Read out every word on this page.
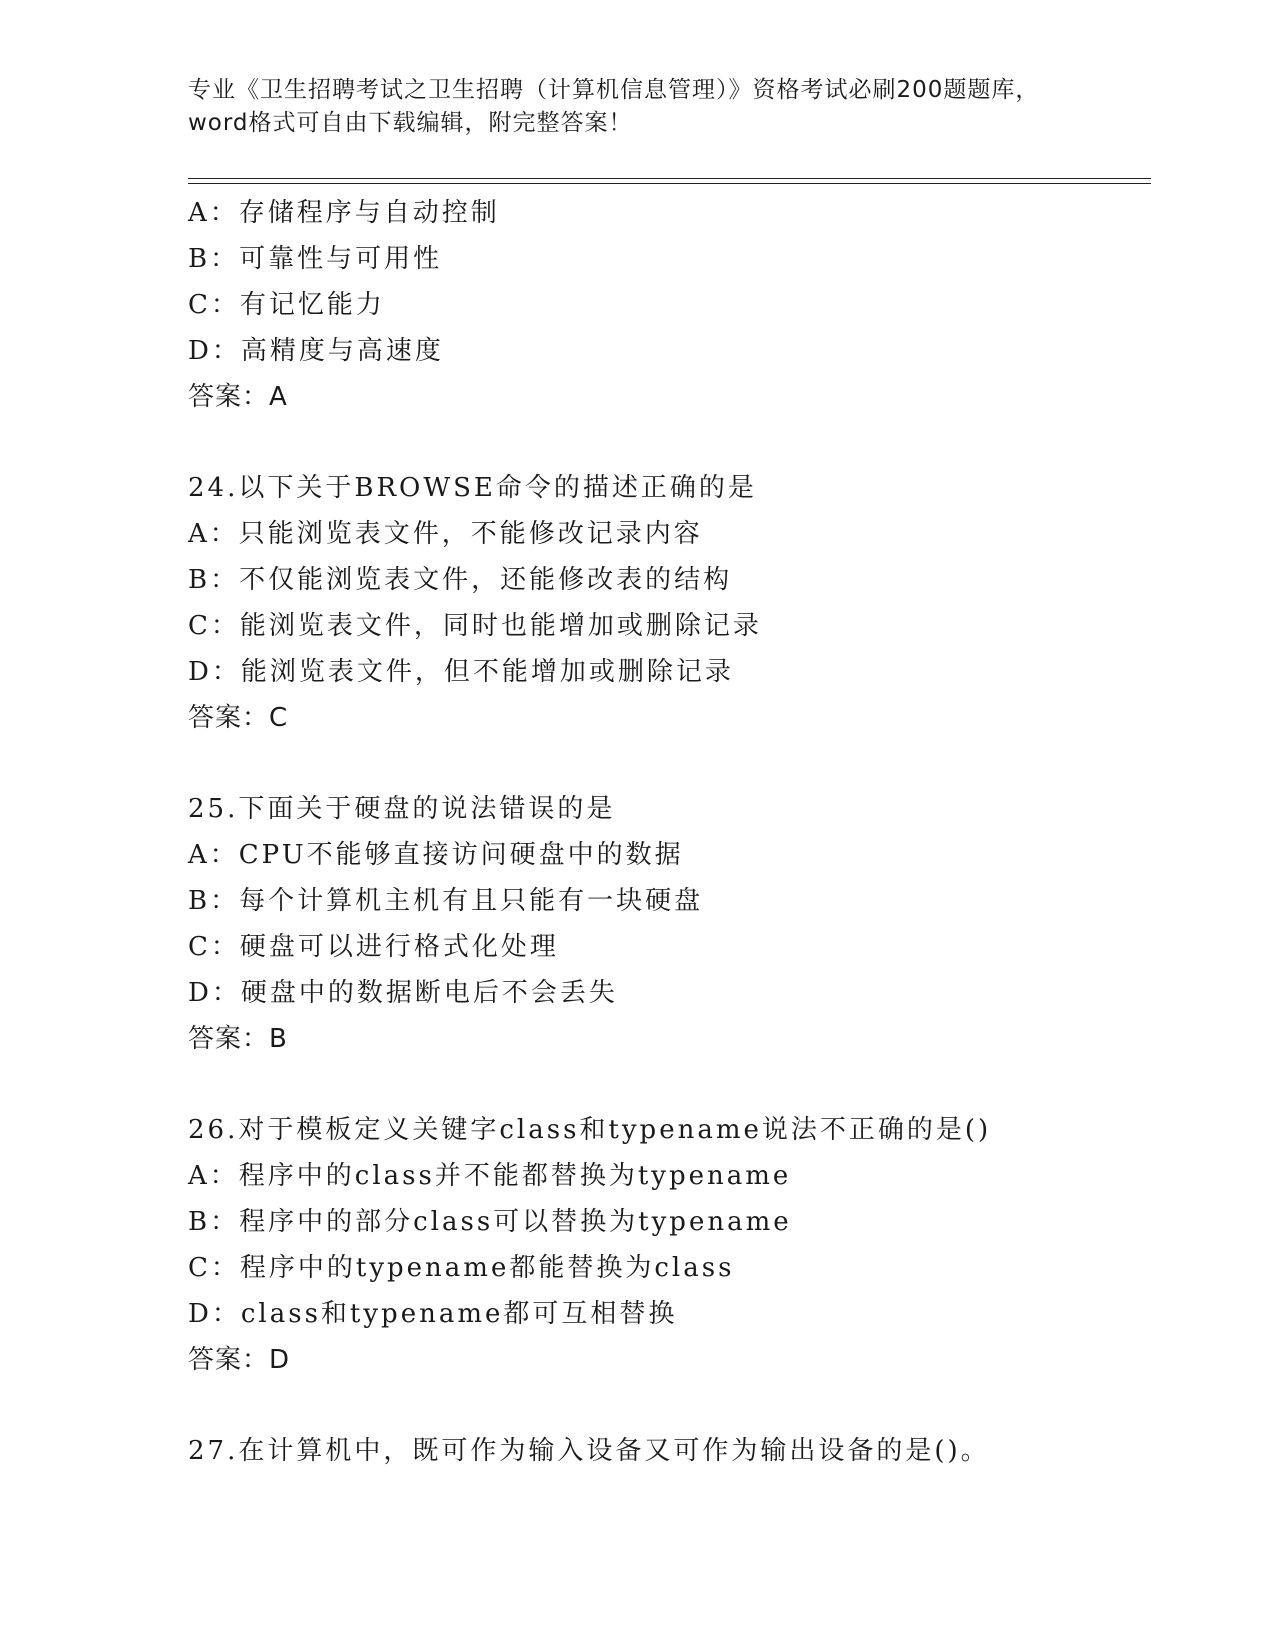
专业《卫生招聘考试之卫生招聘（计算机信息管理）》资格考试必刷200题题库，
word格式可自由下载编辑，附完整答案！
A：存储程序与自动控制
B：可靠性与可用性
C：有记忆能力
D：高精度与高速度
答案：A
24.以下关于BROWSE命令的描述正确的是
A：只能浏览表文件，不能修改记录内容
B：不仅能浏览表文件，还能修改表的结构
C：能浏览表文件，同时也能增加或删除记录
D：能浏览表文件，但不能增加或删除记录
答案：C
25.下面关于硬盘的说法错误的是
A：CPU不能够直接访问硬盘中的数据
B：每个计算机主机有且只能有一块硬盘
C：硬盘可以进行格式化处理
D：硬盘中的数据断电后不会丢失
答案：B
26.对于模板定义关键字class和typename说法不正确的是()
A：程序中的class并不能都替换为typename
B：程序中的部分class可以替换为typename
C：程序中的typename都能替换为class
D：class和typename都可互相替换
答案：D
27.在计算机中，既可作为输入设备又可作为输出设备的是()。
